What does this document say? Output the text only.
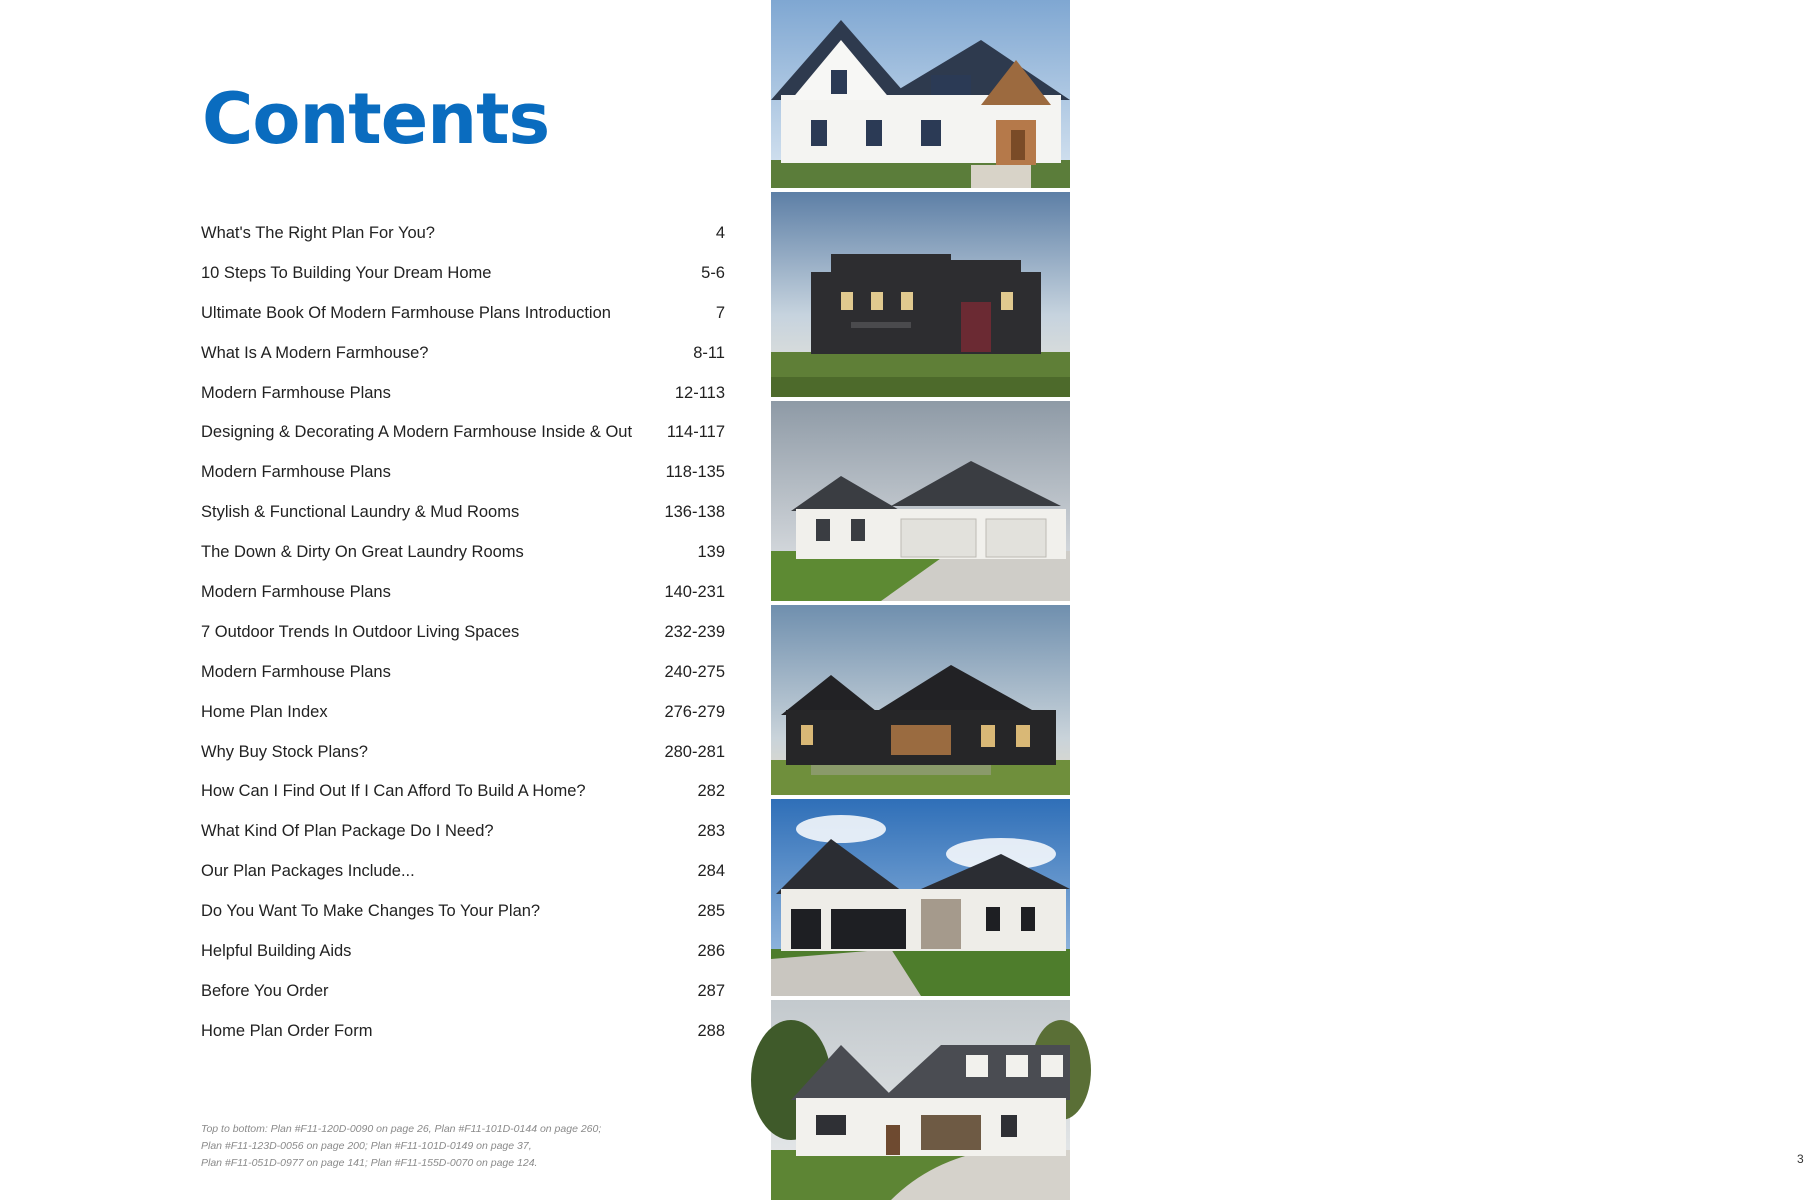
Contents
What's The Right Plan For You?	4
10 Steps To Building Your Dream Home	5-6
Ultimate Book Of Modern Farmhouse Plans Introduction	7
What Is A Modern Farmhouse?	8-11
Modern Farmhouse Plans	12-113
Designing & Decorating A Modern Farmhouse Inside & Out	114-117
Modern Farmhouse Plans	118-135
Stylish & Functional Laundry & Mud Rooms	136-138
The Down & Dirty On Great Laundry Rooms	139
Modern Farmhouse Plans	140-231
7 Outdoor Trends In Outdoor Living Spaces	232-239
Modern Farmhouse Plans	240-275
Home Plan Index	276-279
Why Buy Stock Plans?	280-281
How Can I Find Out If I Can Afford To Build A Home?	282
What Kind Of Plan Package Do I Need?	283
Our Plan Packages Include...	284
Do You Want To Make Changes To Your Plan?	285
Helpful Building Aids	286
Before You Order	287
Home Plan Order Form	288

Top to bottom: Plan #F11-120D-0090 on page 26, Plan #F11-101D-0144 on page 260;
Plan #F11-123D-0056 on page 200; Plan #F11-101D-0149 on page 37,
Plan #F11-051D-0977 on page 141; Plan #F11-155D-0070 on page 124.	3
